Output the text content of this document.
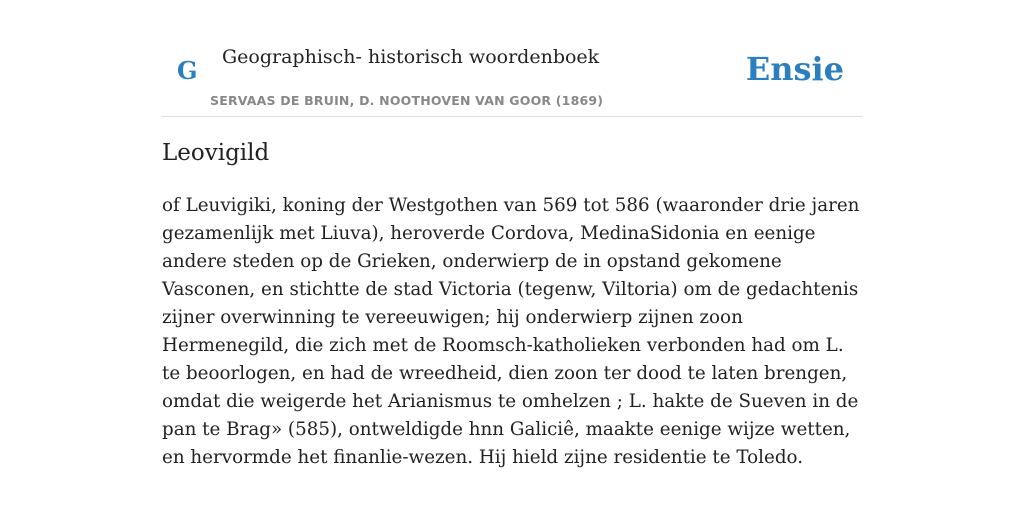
G Geographisch- historisch woordenboek
SERVAAS DE BRUIN, D. NOOTHOVEN VAN GOOR (1869)
Ensie
Leovigild

of Leuvigiki, koning der Westgothen van 569 tot 586 (waaronder drie jaren gezamenlijk met Liuva), heroverde Cordova, MedinaSidonia en eenige andere steden op de Grieken, onderwierp de in opstand gekomene Vasconen, en stichtte de stad Victoria (tegenw, Viltoria) om de gedachtenis zijner overwinning te vereeuwigen; hij onderwierp zijnen zoon Hermenegild, die zich met de Roomsch-katholieken verbonden had om L. te beoorlogen, en had de wreedheid, dien zoon ter dood te laten brengen, omdat die weigerde het Arianismus te omhelzen ; L. hakte de Sueven in de pan te Brag» (585), ontweldigde hnn Galiciê, maakte eenige wijze wetten, en hervormde het finanlie-wezen. Hij hield zijne residentie te Toledo.
